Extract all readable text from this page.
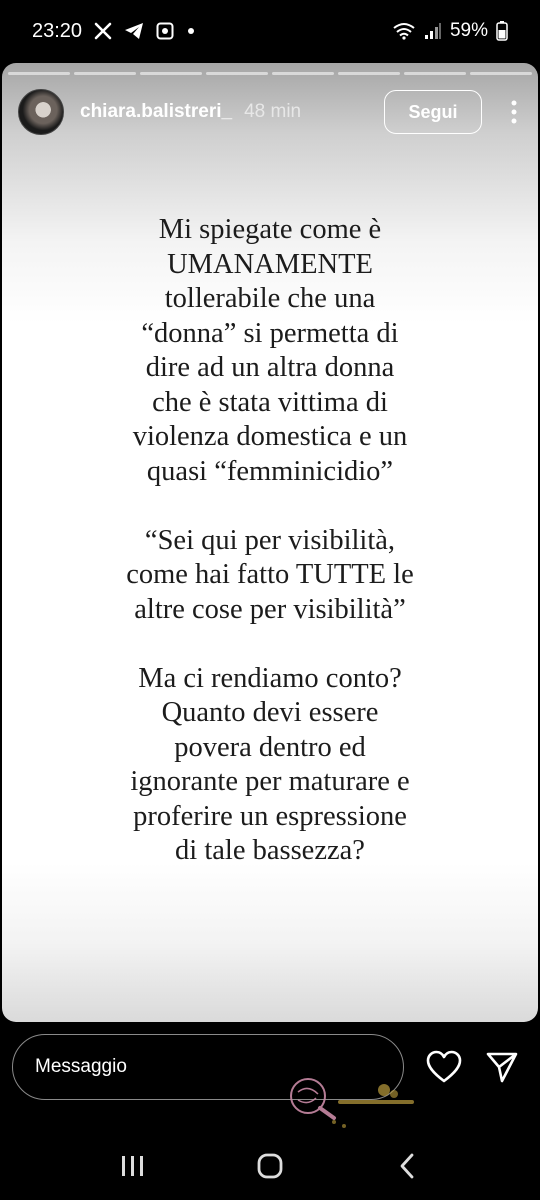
23:20	59%
chiara.balistreri_ 48 min	Segui
Mi spiegate come è
UMANAMENTE
tollerabile che una
“donna” si permetta di
dire ad un altra donna
che è stata vittima di
violenza domestica e un
quasi “femminicidio”
“Sei qui per visibilità,
come hai fatto TUTTE le
altre cose per visibilità”
Ma ci rendiamo conto?
Quanto devi essere
povera dentro ed
ignorante per maturare e
proferire un espressione
di tale bassezza?
Messaggio
